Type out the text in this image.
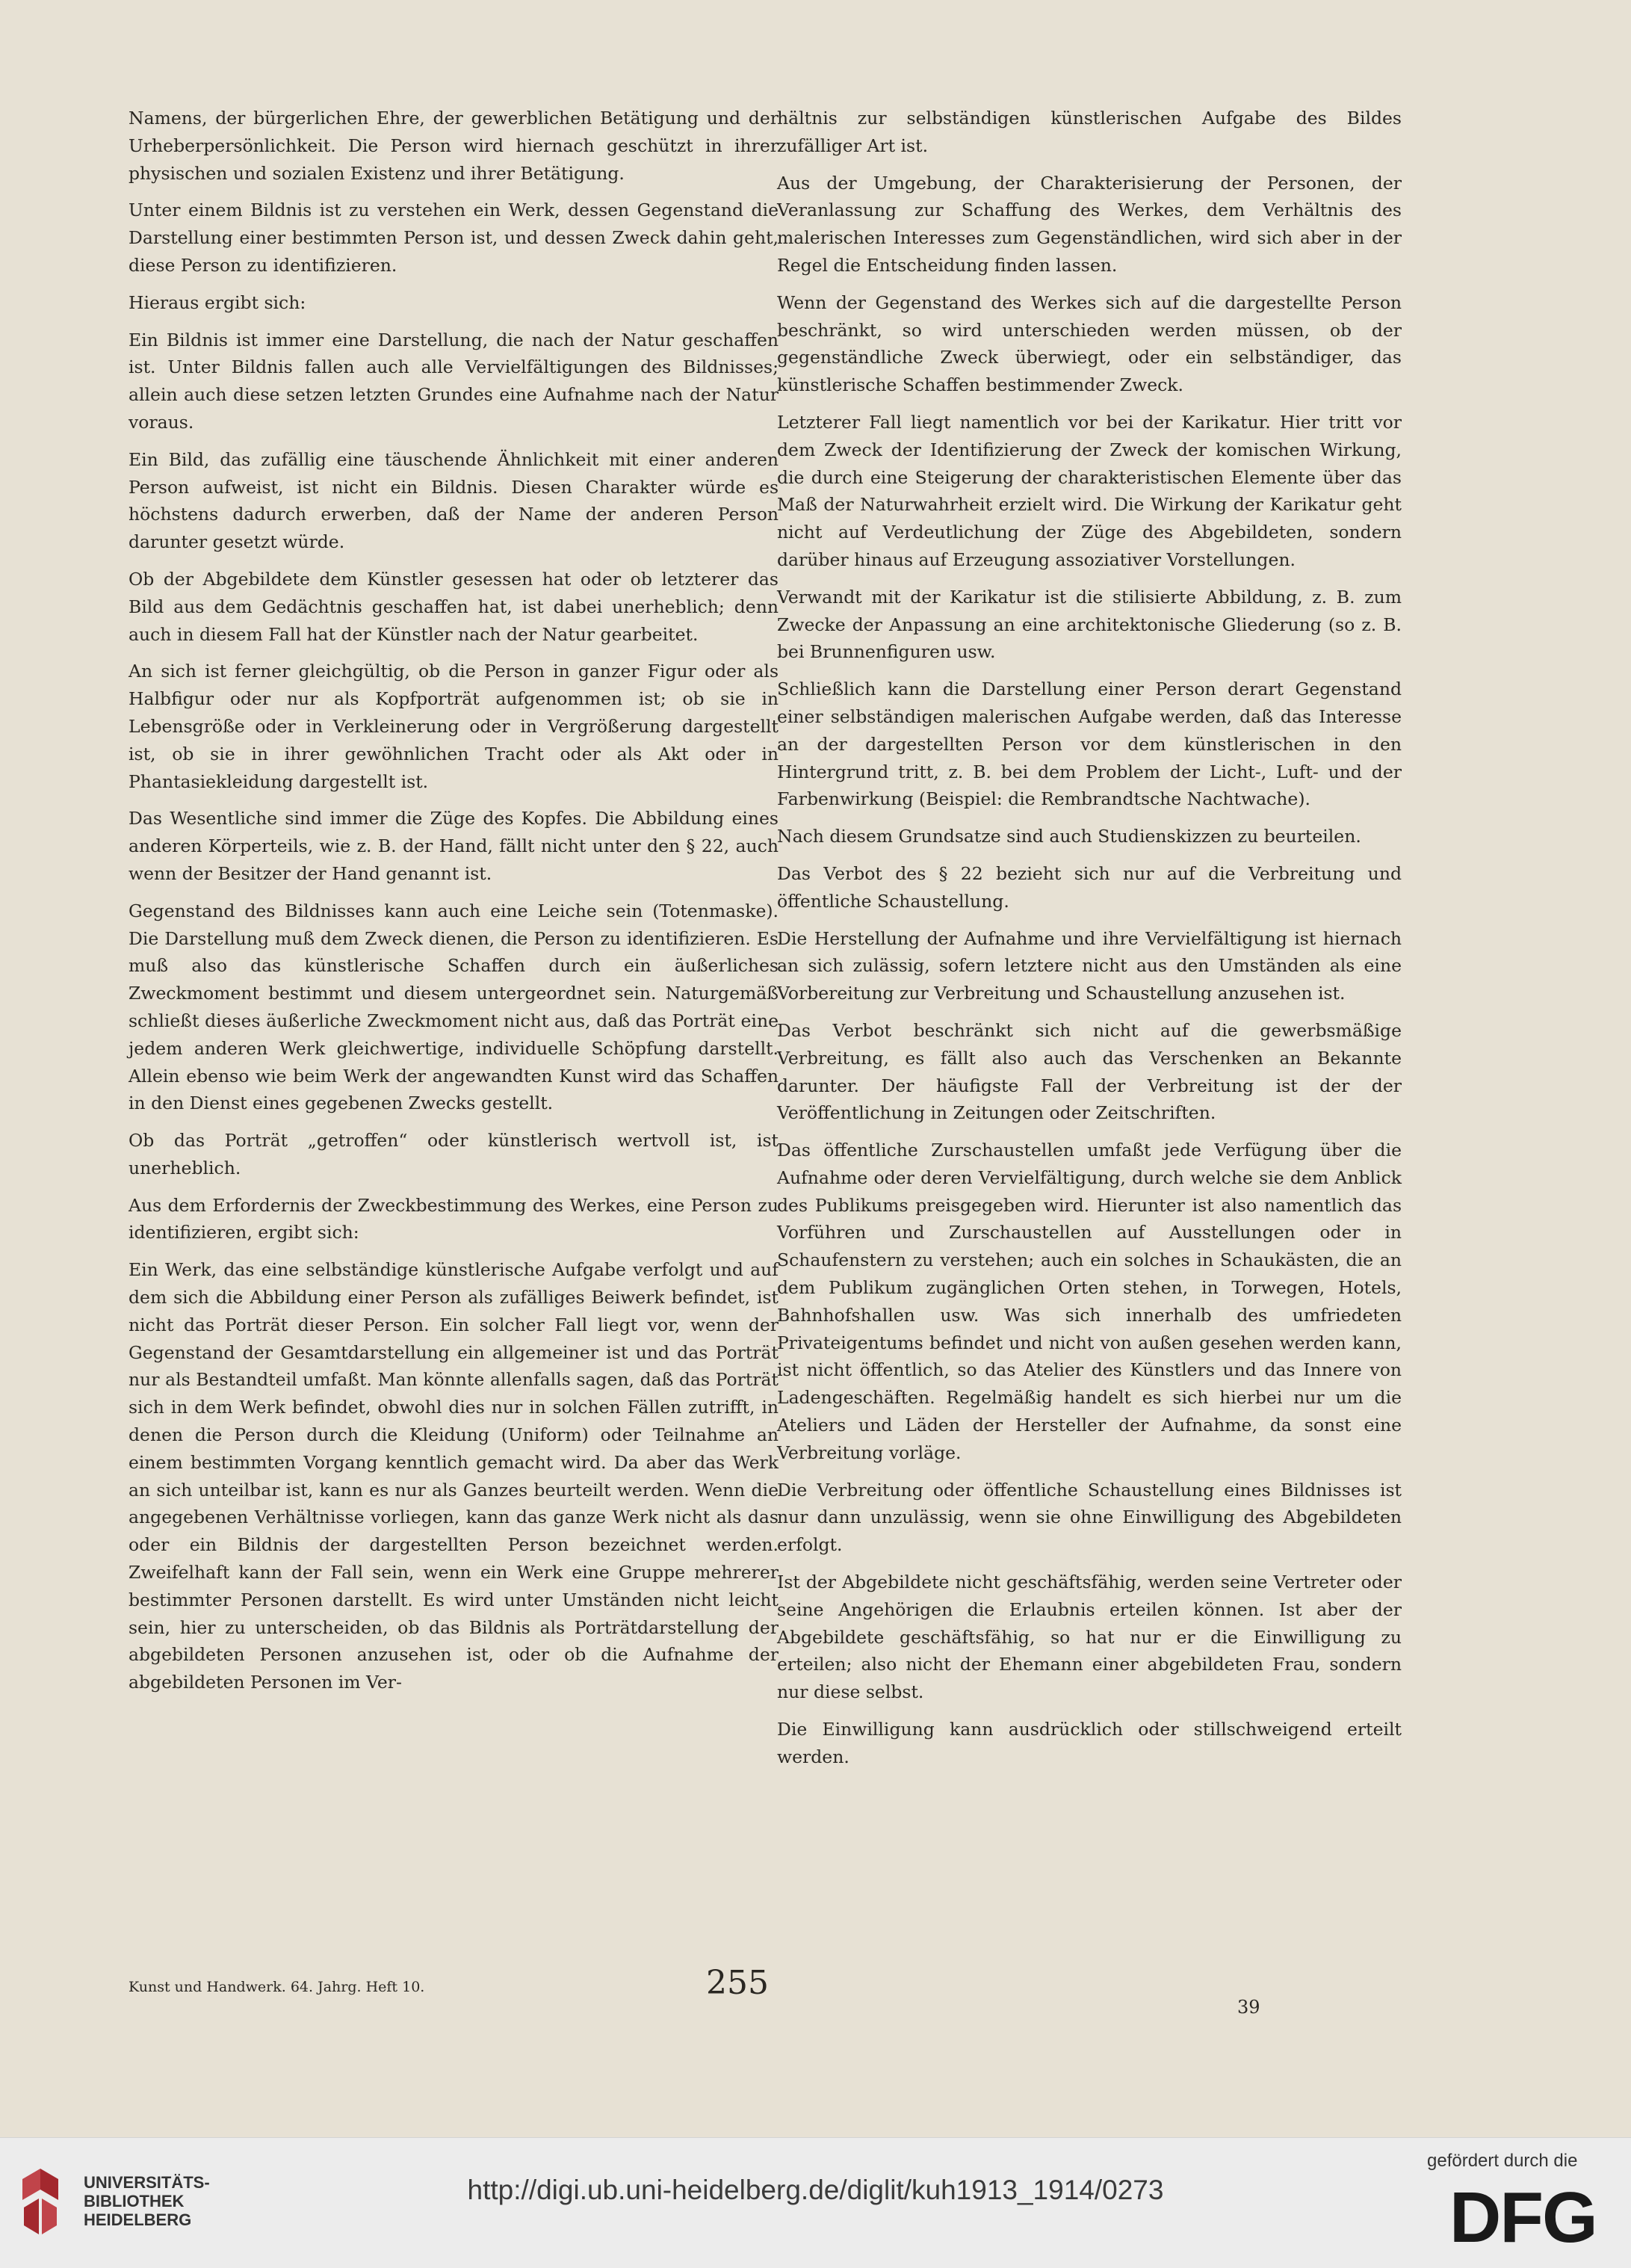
Namens, der bürgerlichen Ehre, der gewerblichen Betätigung und der Urheberpersönlichkeit. Die Person wird hiernach geschützt in ihrer physischen und sozialen Existenz und ihrer Betätigung.

Unter einem Bildnis ist zu verstehen ein Werk, dessen Gegenstand die Darstellung einer bestimmten Person ist, und dessen Zweck dahin geht, diese Person zu identifizieren.

Hieraus ergibt sich:

Ein Bildnis ist immer eine Darstellung, die nach der Natur geschaffen ist. Unter Bildnis fallen auch alle Vervielfältigungen des Bildnisses; allein auch diese setzen letzten Grundes eine Aufnahme nach der Natur voraus.

Ein Bild, das zufällig eine täuschende Ähnlichkeit mit einer anderen Person aufweist, ist nicht ein Bildnis. Diesen Charakter würde es höchstens dadurch erwerben, daß der Name der anderen Person darunter gesetzt würde.

Ob der Abgebildete dem Künstler gesessen hat oder ob letzterer das Bild aus dem Gedächtnis geschaffen hat, ist dabei unerheblich; denn auch in diesem Fall hat der Künstler nach der Natur gearbeitet.

An sich ist ferner gleichgültig, ob die Person in ganzer Figur oder als Halbfigur oder nur als Kopfporträt aufgenommen ist; ob sie in Lebensgröße oder in Verkleinerung oder in Vergrößerung dargestellt ist, ob sie in ihrer gewöhnlichen Tracht oder als Akt oder in Phantasiekleidung dargestellt ist.

Das Wesentliche sind immer die Züge des Kopfes. Die Abbildung eines anderen Körperteils, wie z. B. der Hand, fällt nicht unter den § 22, auch wenn der Besitzer der Hand genannt ist.

Gegenstand des Bildnisses kann auch eine Leiche sein (Totenmaske). Die Darstellung muß dem Zweck dienen, die Person zu identifizieren. Es muß also das künstlerische Schaffen durch ein äußerliches Zweckmoment bestimmt und diesem untergeordnet sein. Naturgemäß schließt dieses äußerliche Zweckmoment nicht aus, daß das Porträt eine jedem anderen Werk gleichwertige, individuelle Schöpfung darstellt. Allein ebenso wie beim Werk der angewandten Kunst wird das Schaffen in den Dienst eines gegebenen Zwecks gestellt.

Ob das Porträt „getroffen“ oder künstlerisch wertvoll ist, ist unerheblich.

Aus dem Erfordernis der Zweckbestimmung des Werkes, eine Person zu identifizieren, ergibt sich:

Ein Werk, das eine selbständige künstlerische Aufgabe verfolgt und auf dem sich die Abbildung einer Person als zufälliges Beiwerk befindet, ist nicht das Porträt dieser Person. Ein solcher Fall liegt vor, wenn der Gegenstand der Gesamtdarstellung ein allgemeiner ist und das Porträt nur als Bestandteil umfaßt. Man könnte allenfalls sagen, daß das Porträt sich in dem Werk befindet, obwohl dies nur in solchen Fällen zutrifft, in denen die Person durch die Kleidung (Uniform) oder Teilnahme an einem bestimmten Vorgang kenntlich gemacht wird. Da aber das Werk an sich unteilbar ist, kann es nur als Ganzes beurteilt werden. Wenn die angegebenen Verhältnisse vorliegen, kann das ganze Werk nicht als das oder ein Bildnis der dargestellten Person bezeichnet werden. Zweifelhaft kann der Fall sein, wenn ein Werk eine Gruppe mehrerer bestimmter Personen darstellt. Es wird unter Umständen nicht leicht sein, hier zu unterscheiden, ob das Bildnis als Porträtdarstellung der abgebildeten Personen anzusehen ist, oder ob die Aufnahme der abgebildeten Personen im Ver-

hältnis zur selbständigen künstlerischen Aufgabe des Bildes zufälliger Art ist.

Aus der Umgebung, der Charakterisierung der Personen, der Veranlassung zur Schaffung des Werkes, dem Verhältnis des malerischen Interesses zum Gegenständlichen, wird sich aber in der Regel die Entscheidung finden lassen.

Wenn der Gegenstand des Werkes sich auf die dargestellte Person beschränkt, so wird unterschieden werden müssen, ob der gegenständliche Zweck überwiegt, oder ein selbständiger, das künstlerische Schaffen bestimmender Zweck.

Letzterer Fall liegt namentlich vor bei der Karikatur. Hier tritt vor dem Zweck der Identifizierung der Zweck der komischen Wirkung, die durch eine Steigerung der charakteristischen Elemente über das Maß der Naturwahrheit erzielt wird. Die Wirkung der Karikatur geht nicht auf Verdeutlichung der Züge des Abgebildeten, sondern darüber hinaus auf Erzeugung assoziativer Vorstellungen.

Verwandt mit der Karikatur ist die stilisierte Abbildung, z. B. zum Zwecke der Anpassung an eine architektonische Gliederung (so z. B. bei Brunnenfiguren usw.

Schließlich kann die Darstellung einer Person derart Gegenstand einer selbständigen malerischen Aufgabe werden, daß das Interesse an der dargestellten Person vor dem künstlerischen in den Hintergrund tritt, z. B. bei dem Problem der Licht-, Luft- und der Farbenwirkung (Beispiel: die Rembrandtsche Nachtwache).

Nach diesem Grundsatze sind auch Studienskizzen zu beurteilen.

Das Verbot des § 22 bezieht sich nur auf die Verbreitung und öffentliche Schaustellung.

Die Herstellung der Aufnahme und ihre Vervielfältigung ist hiernach an sich zulässig, sofern letztere nicht aus den Umständen als eine Vorbereitung zur Verbreitung und Schaustellung anzusehen ist.

Das Verbot beschränkt sich nicht auf die gewerbsmäßige Verbreitung, es fällt also auch das Verschenken an Bekannte darunter. Der häufigste Fall der Verbreitung ist der der Veröffentlichung in Zeitungen oder Zeitschriften.

Das öffentliche Zurschaustellen umfaßt jede Verfügung über die Aufnahme oder deren Vervielfältigung, durch welche sie dem Anblick des Publikums preisgegeben wird. Hierunter ist also namentlich das Vorführen und Zurschaustellen auf Ausstellungen oder in Schaufenstern zu verstehen; auch ein solches in Schaukästen, die an dem Publikum zugänglichen Orten stehen, in Torwegen, Hotels, Bahnhofshallen usw. Was sich innerhalb des umfriedeten Privateigentums befindet und nicht von außen gesehen werden kann, ist nicht öffentlich, so das Atelier des Künstlers und das Innere von Ladengeschäften. Regelmäßig handelt es sich hierbei nur um die Ateliers und Läden der Hersteller der Aufnahme, da sonst eine Verbreitung vorläge.

Die Verbreitung oder öffentliche Schaustellung eines Bildnisses ist nur dann unzulässig, wenn sie ohne Einwilligung des Abgebildeten erfolgt.

Ist der Abgebildete nicht geschäftsfähig, werden seine Vertreter oder seine Angehörigen die Erlaubnis erteilen können. Ist aber der Abgebildete geschäftsfähig, so hat nur er die Einwilligung zu erteilen; also nicht der Ehemann einer abgebildeten Frau, sondern nur diese selbst.

Die Einwilligung kann ausdrücklich oder stillschweigend erteilt werden.

Kunst und Handwerk. 64. Jahrg. Heft 10.	255
39
UNIVERSITÄTS-
BIBLIOTHEK
HEIDELBERG
http://digi.ub.uni-heidelberg.de/diglit/kuh1913_1914/0273
gefördert durch die
DFG
